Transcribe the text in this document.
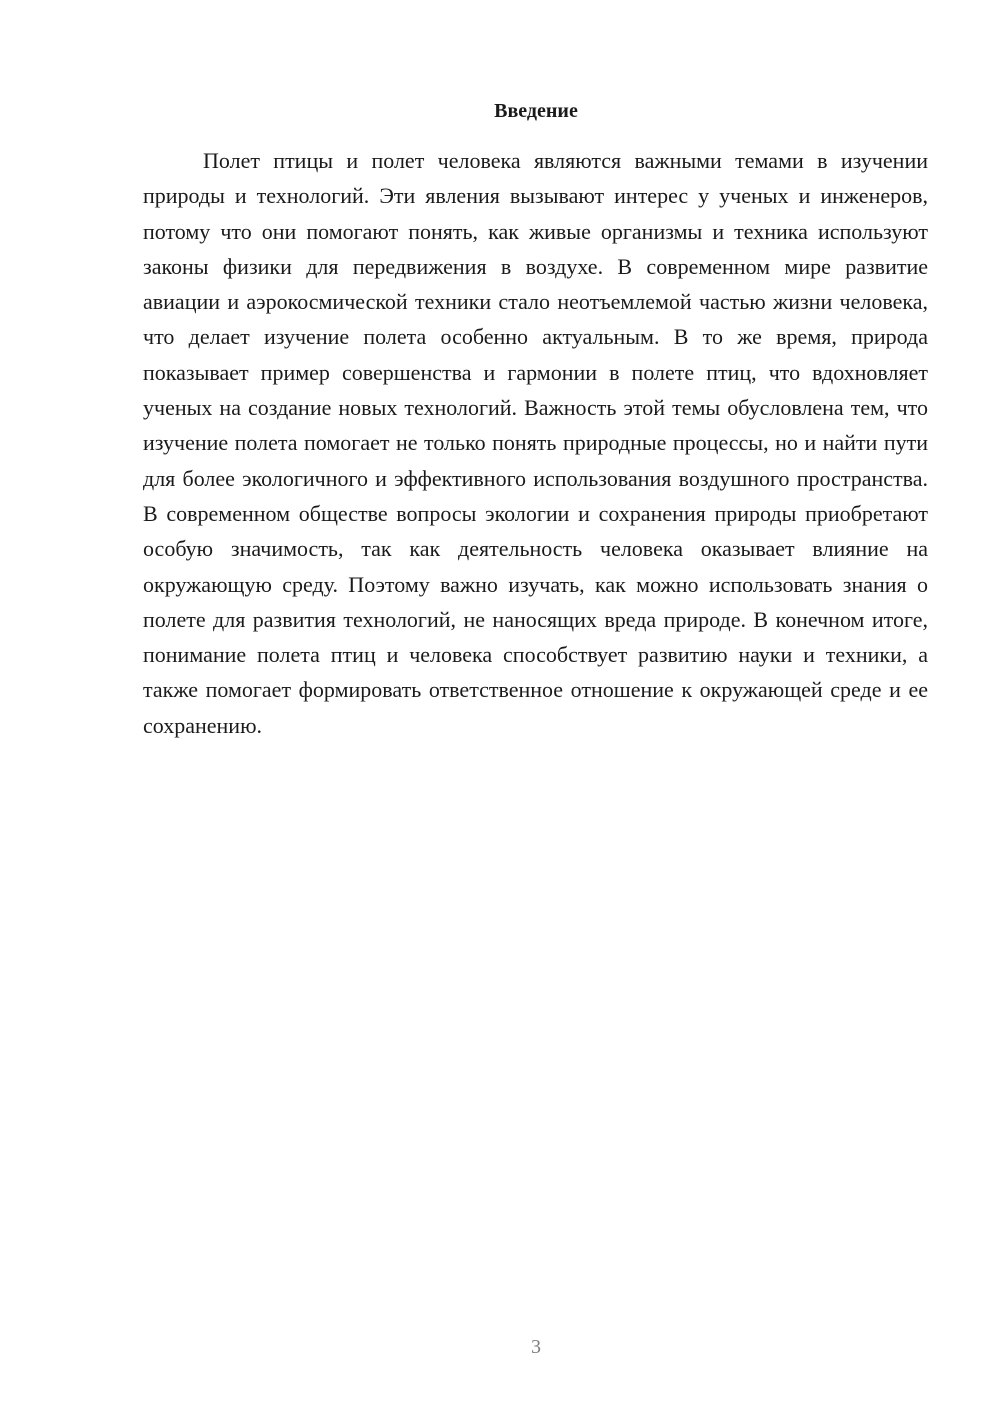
Введение

Полет птицы и полет человека являются важными темами в изучении природы и технологий. Эти явления вызывают интерес у ученых и инженеров, потому что они помогают понять, как живые организмы и техника используют законы физики для передвижения в воздухе. В современном мире развитие авиации и аэрокосмической техники стало неотъемлемой частью жизни человека, что делает изучение полета особенно актуальным. В то же время, природа показывает пример совершенства и гармонии в полете птиц, что вдохновляет ученых на создание новых технологий. Важность этой темы обусловлена тем, что изучение полета помогает не только понять природные процессы, но и найти пути для более экологичного и эффективного использования воздушного пространства. В современном обществе вопросы экологии и сохранения природы приобретают особую значимость, так как деятельность человека оказывает влияние на окружающую среду. Поэтому важно изучать, как можно использовать знания о полете для развития технологий, не наносящих вреда природе. В конечном итоге, понимание полета птиц и человека способствует развитию науки и техники, а также помогает формировать ответственное отношение к окружающей среде и ее сохранению.

3
